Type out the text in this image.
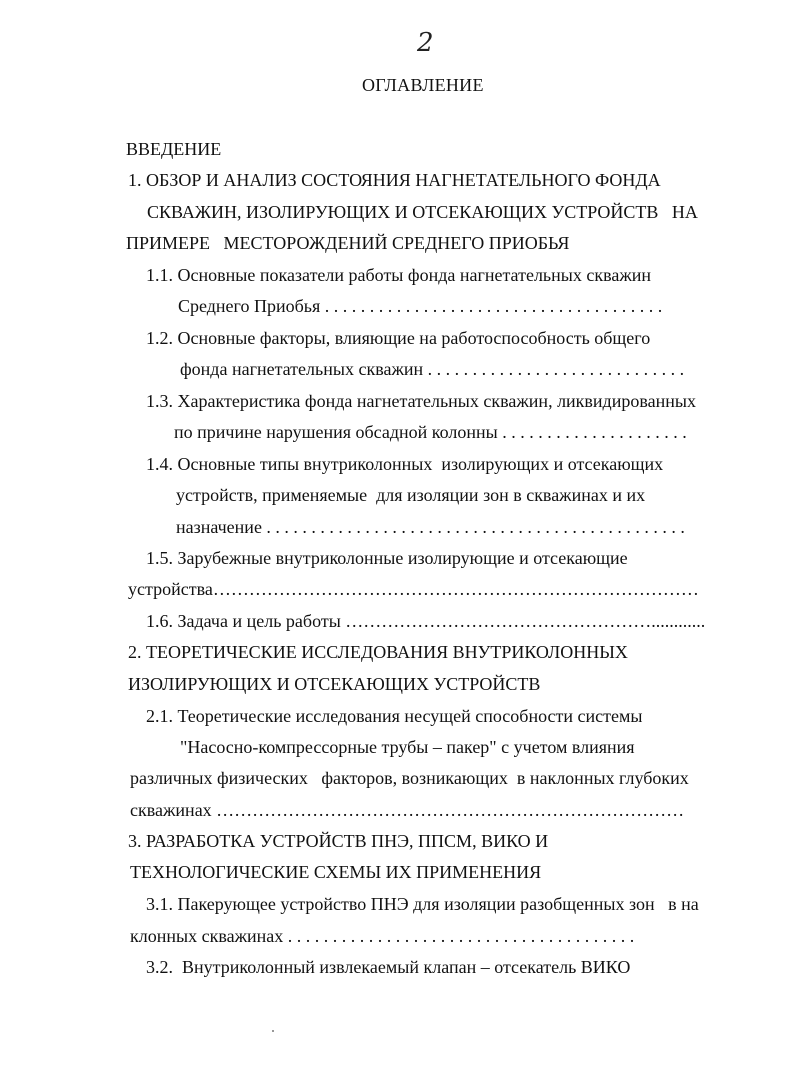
2
ОГЛАВЛЕНИЕ
ВВЕДЕНИЕ
1. ОБЗОР И АНАЛИЗ СОСТОЯНИЯ НАГНЕТАТЕЛЬНОГО ФОНДА
СКВАЖИН, ИЗОЛИРУЮЩИХ И ОТСЕКАЮЩИХ УСТРОЙСТВ   НА
ПРИМЕРЕ   МЕСТОРОЖДЕНИЙ СРЕДНЕГО ПРИОБЬЯ
1.1. Основные показатели работы фонда нагнетательных скважин
Среднего Приобья . . . . . . . . . . . . . . . . . . . . . . . . . . . . . . . . . . . . . .
1.2. Основные факторы, влияющие на работоспособность общего
фонда нагнетательных скважин . . . . . . . . . . . . . . . . . . . . . . . . . . . . .
1.3. Характеристика фонда нагнетательных скважин, ликвидированных
по причине нарушения обсадной колонны . . . . . . . . . . . . . . . . . . . . .
1.4. Основные типы внутриколонных  изолирующих и отсекающих
устройств, применяемые  для изоляции зон в скважинах и их
назначение . . . . . . . . . . . . . . . . . . . . . . . . . . . . . . . . . . . . . . . . . . . . . . .
1.5. Зарубежные внутриколонные изолирующие и отсекающие
устройства………………………………………………………………………
1.6. Задача и цель работы ……………………………………………............
2. ТЕОРЕТИЧЕСКИЕ ИССЛЕДОВАНИЯ ВНУТРИКОЛОННЫХ
ИЗОЛИРУЮЩИХ И ОТСЕКАЮЩИХ УСТРОЙСТВ
2.1. Теоретические исследования несущей способности системы
"Насосно-компрессорные трубы – пакер" с учетом влияния
различных физических   факторов, возникающих  в наклонных глубоких
скважинах ……………………………………………………………………
3. РАЗРАБОТКА УСТРОЙСТВ ПНЭ, ППСМ, ВИКО И
ТЕХНОЛОГИЧЕСКИЕ СХЕМЫ ИХ ПРИМЕНЕНИЯ
3.1. Пакерующее устройство ПНЭ для изоляции разобщенных зон   в на
клонных скважинах . . . . . . . . . . . . . . . . . . . . . . . . . . . . . . . . . . . . . . .
3.2.  Внутриколонный извлекаемый клапан – отсекатель ВИКО
